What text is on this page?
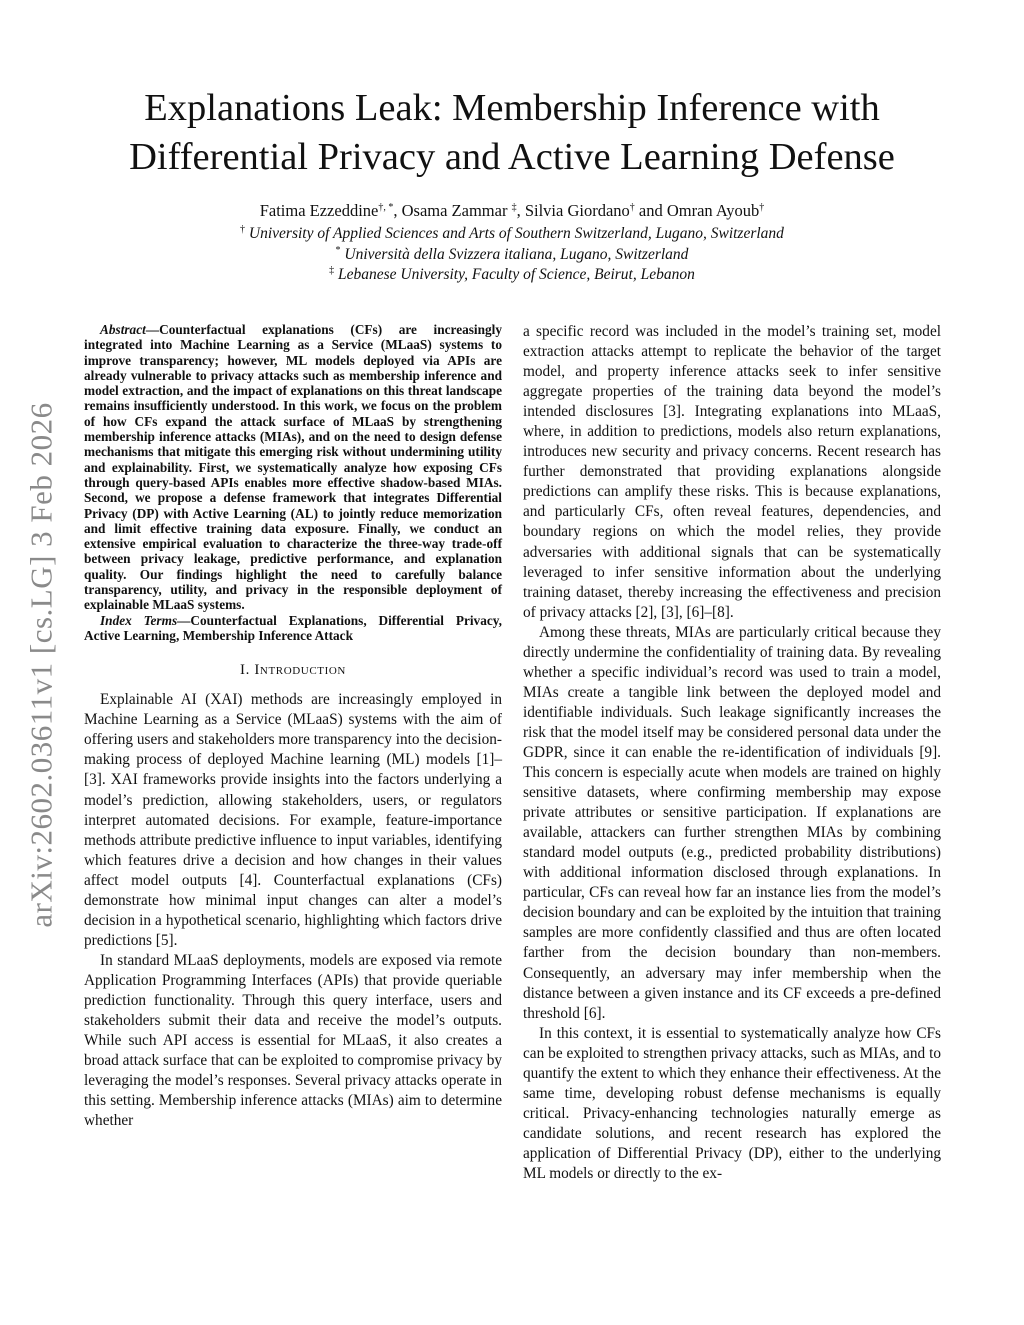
arXiv:2602.03611v1 [cs.LG] 3 Feb 2026
Explanations Leak: Membership Inference with
Differential Privacy and Active Learning Defense
Fatima Ezzeddine†, *, Osama Zammar ‡, Silvia Giordano† and Omran Ayoub†
† University of Applied Sciences and Arts of Southern Switzerland, Lugano, Switzerland
* Università della Svizzera italiana, Lugano, Switzerland
‡ Lebanese University, Faculty of Science, Beirut, Lebanon

Abstract—Counterfactual explanations (CFs) are increasingly integrated into Machine Learning as a Service (MLaaS) systems to improve transparency; however, ML models deployed via APIs are already vulnerable to privacy attacks such as membership inference and model extraction, and the impact of explanations on this threat landscape remains insufficiently understood. In this work, we focus on the problem of how CFs expand the attack surface of MLaaS by strengthening membership inference attacks (MIAs), and on the need to design defense mechanisms that mitigate this emerging risk without undermining utility and explainability. First, we systematically analyze how exposing CFs through query-based APIs enables more effective shadow-based MIAs. Second, we propose a defense framework that integrates Differential Privacy (DP) with Active Learning (AL) to jointly reduce memorization and limit effective training data exposure. Finally, we conduct an extensive empirical evaluation to characterize the three-way trade-off between privacy leakage, predictive performance, and explanation quality. Our findings highlight the need to carefully balance transparency, utility, and privacy in the responsible deployment of explainable MLaaS systems.

Index Terms—Counterfactual Explanations, Differential Privacy, Active Learning, Membership Inference Attack

I. Introduction

Explainable AI (XAI) methods are increasingly employed in Machine Learning as a Service (MLaaS) systems with the aim of offering users and stakeholders more transparency into the decision-making process of deployed Machine learning (ML) models [1]–[3]. XAI frameworks provide insights into the factors underlying a model’s prediction, allowing stakeholders, users, or regulators interpret automated decisions. For example, feature-importance methods attribute predictive influence to input variables, identifying which features drive a decision and how changes in their values affect model outputs [4]. Counterfactual explanations (CFs) demonstrate how minimal input changes can alter a model’s decision in a hypothetical scenario, highlighting which factors drive predictions [5].

In standard MLaaS deployments, models are exposed via remote Application Programming Interfaces (APIs) that provide queriable prediction functionality. Through this query interface, users and stakeholders submit their data and receive the model’s outputs. While such API access is essential for MLaaS, it also creates a broad attack surface that can be exploited to compromise privacy by leveraging the model’s responses. Several privacy attacks operate in this setting. Membership inference attacks (MIAs) aim to determine whether

a specific record was included in the model’s training set, model extraction attacks attempt to replicate the behavior of the target model, and property inference attacks seek to infer sensitive aggregate properties of the training data beyond the model’s intended disclosures [3]. Integrating explanations into MLaaS, where, in addition to predictions, models also return explanations, introduces new security and privacy concerns. Recent research has further demonstrated that providing explanations alongside predictions can amplify these risks. This is because explanations, and particularly CFs, often reveal features, dependencies, and boundary regions on which the model relies, they provide adversaries with additional signals that can be systematically leveraged to infer sensitive information about the underlying training dataset, thereby increasing the effectiveness and precision of privacy attacks [2], [3], [6]–[8].

Among these threats, MIAs are particularly critical because they directly undermine the confidentiality of training data. By revealing whether a specific individual’s record was used to train a model, MIAs create a tangible link between the deployed model and identifiable individuals. Such leakage significantly increases the risk that the model itself may be considered personal data under the GDPR, since it can enable the re-identification of individuals [9]. This concern is especially acute when models are trained on highly sensitive datasets, where confirming membership may expose private attributes or sensitive participation. If explanations are available, attackers can further strengthen MIAs by combining standard model outputs (e.g., predicted probability distributions) with additional information disclosed through explanations. In particular, CFs can reveal how far an instance lies from the model’s decision boundary and can be exploited by the intuition that training samples are more confidently classified and thus are often located farther from the decision boundary than non-members. Consequently, an adversary may infer membership when the distance between a given instance and its CF exceeds a pre-defined threshold [6].

In this context, it is essential to systematically analyze how CFs can be exploited to strengthen privacy attacks, such as MIAs, and to quantify the extent to which they enhance their effectiveness. At the same time, developing robust defense mechanisms is equally critical. Privacy-enhancing technologies naturally emerge as candidate solutions, and recent research has explored the application of Differential Privacy (DP), either to the underlying ML models or directly to the ex-
